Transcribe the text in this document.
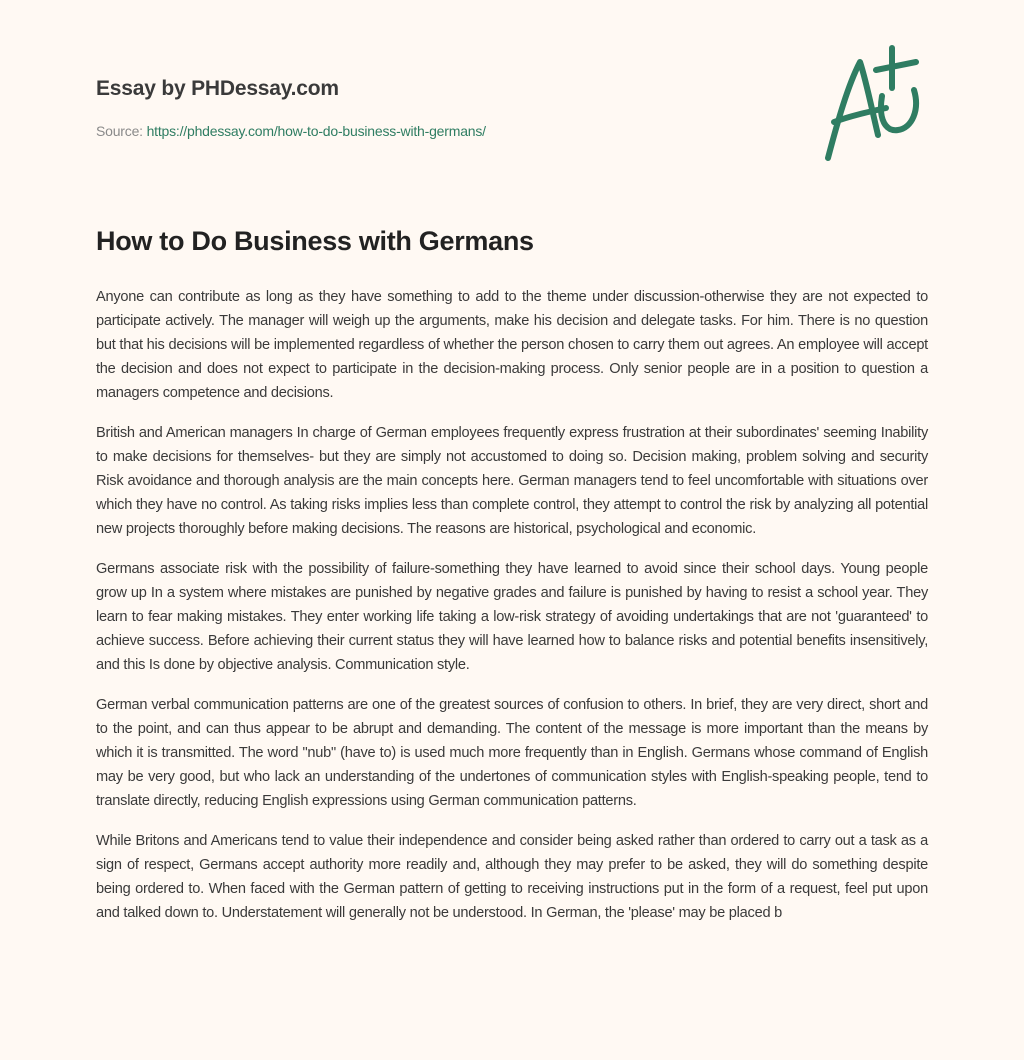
Essay by PHDessay.com
Source: https://phdessay.com/how-to-do-business-with-germans/
How to Do Business with Germans

Anyone can contribute as long as they have something to add to the theme under discussion-otherwise they are not expected to participate actively. The manager will weigh up the arguments, make his decision and delegate tasks. For him. There is no question but that his decisions will be implemented regardless of whether the person chosen to carry them out agrees. An employee will accept the decision and does not expect to participate in the decision-making process. Only senior people are in a position to question a managers competence and decisions.

British and American managers In charge of German employees frequently express frustration at their subordinates' seeming Inability to make decisions for themselves- but they are simply not accustomed to doing so. Decision making, problem solving and security Risk avoidance and thorough analysis are the main concepts here. German managers tend to feel uncomfortable with situations over which they have no control. As taking risks implies less than complete control, they attempt to control the risk by analyzing all potential new projects thoroughly before making decisions. The reasons are historical, psychological and economic.

Germans associate risk with the possibility of failure-something they have learned to avoid since their school days. Young people grow up In a system where mistakes are punished by negative grades and failure is punished by having to resist a school year. They learn to fear making mistakes. They enter working life taking a low-risk strategy of avoiding undertakings that are not 'guaranteed' to achieve success. Before achieving their current status they will have learned how to balance risks and potential benefits insensitively, and this Is done by objective analysis. Communication style.

German verbal communication patterns are one of the greatest sources of confusion to others. In brief, they are very direct, short and to the point, and can thus appear to be abrupt and demanding. The content of the message is more important than the means by which it is transmitted. The word "nub" (have to) is used much more frequently than in English. Germans whose command of English may be very good, but who lack an understanding of the undertones of communication styles with English-speaking people, tend to translate directly, reducing English expressions using German communication patterns.

While Britons and Americans tend to value their independence and consider being asked rather than ordered to carry out a task as a sign of respect, Germans accept authority more readily and, although they may prefer to be asked, they will do something despite being ordered to. When faced with the German pattern of getting to receiving instructions put in the form of a request, feel put upon and talked down to. Understatement will generally not be understood. In German, the 'please' may be placed b
